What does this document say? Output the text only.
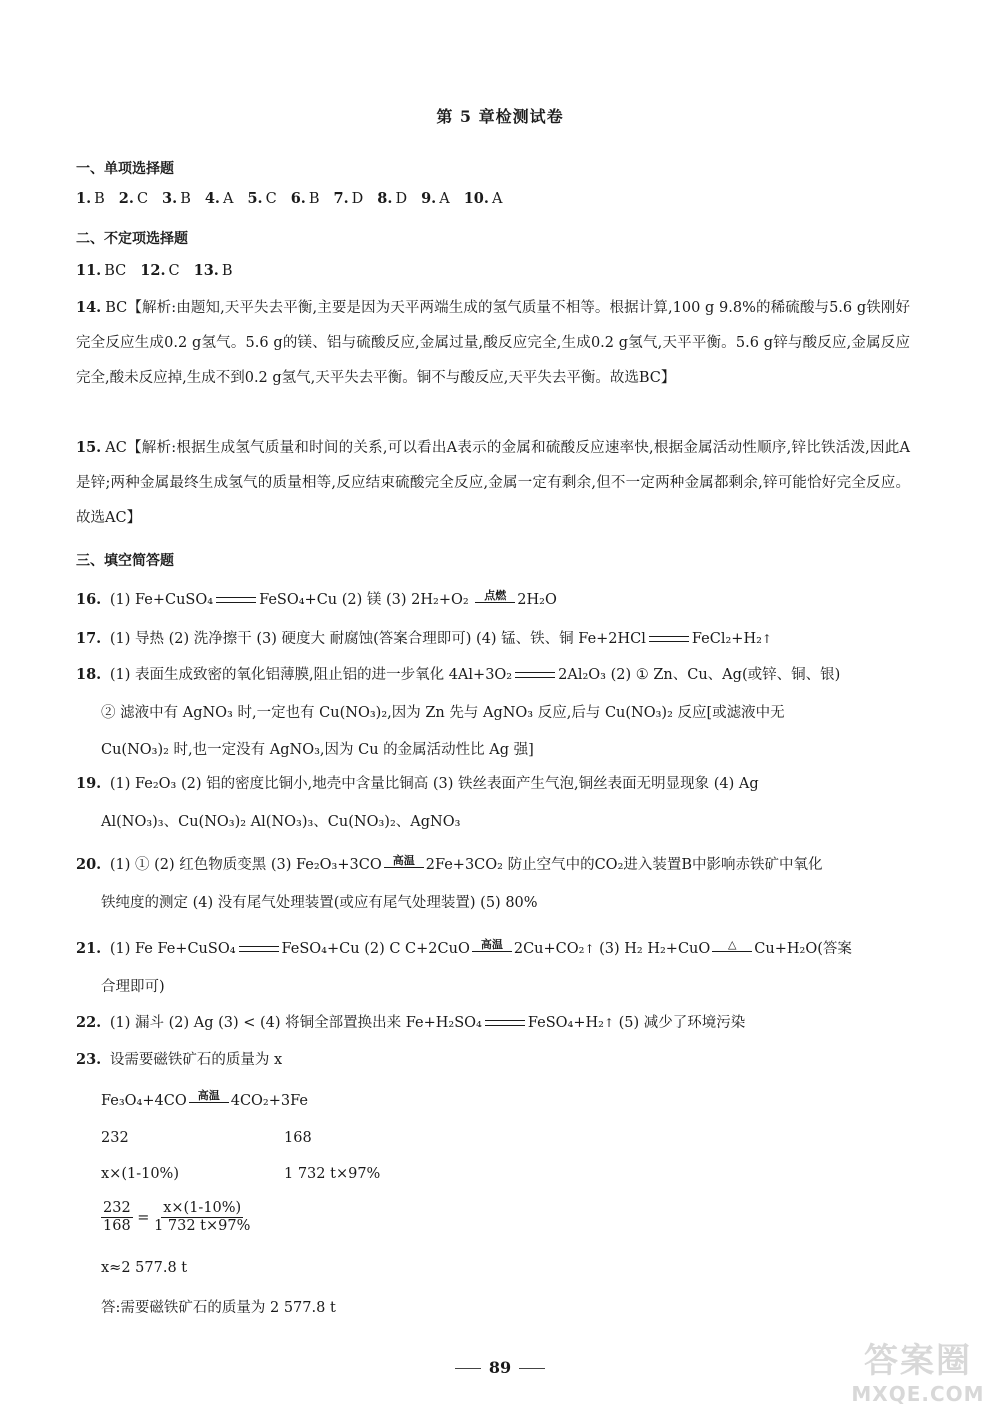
第 5 章检测试卷
一、单项选择题
1. B 2. C 3. B 4. A 5. C 6. B 7. D 8. D 9. A 10. A
二、不定项选择题
11. BC 12. C 13. B
14. BC【解析:由题知,天平失去平衡,主要是因为天平两端生成的氢气质量不相等。根据计算,100 g 9.8%的稀硫酸与5.6 g铁刚好完全反应生成0.2 g氢气。5.6 g的镁、铝与硫酸反应,金属过量,酸反应完全,生成0.2 g氢气,天平平衡。5.6 g锌与酸反应,金属反应完全,酸未反应掉,生成不到0.2 g氢气,天平失去平衡。铜不与酸反应,天平失去平衡。故选BC】
15. AC【解析:根据生成氢气质量和时间的关系,可以看出A表示的金属和硫酸反应速率快,根据金属活动性顺序,锌比铁活泼,因此A是锌;两种金属最终生成氢气的质量相等,反应结束硫酸完全反应,金属一定有剩余,但不一定两种金属都剩余,锌可能恰好完全反应。故选AC】
三、填空简答题
16. (1) Fe+CuSO₄	FeSO₄+Cu (2) 镁 (3) 2H₂+O₂ 点燃 2H₂O
17. (1) 导热 (2) 洗净擦干 (3) 硬度大 耐腐蚀(答案合理即可) (4) 锰、铁、铜 Fe+2HCl	FeCl₂+H₂↑
18. (1) 表面生成致密的氧化铝薄膜,阻止铝的进一步氧化 4Al+3O₂	2Al₂O₃ (2) ① Zn、Cu、Ag(或锌、铜、银)
② 滤液中有 AgNO₃ 时,一定也有 Cu(NO₃)₂,因为 Zn 先与 AgNO₃ 反应,后与 Cu(NO₃)₂ 反应[或滤液中无
Cu(NO₃)₂ 时,也一定没有 AgNO₃,因为 Cu 的金属活动性比 Ag 强]
19. (1) Fe₂O₃ (2) 铝的密度比铜小,地壳中含量比铜高 (3) 铁丝表面产生气泡,铜丝表面无明显现象 (4) Ag
Al(NO₃)₃、Cu(NO₃)₂ Al(NO₃)₃、Cu(NO₃)₂、AgNO₃
20. (1) ① (2) 红色物质变黑 (3) Fe₂O₃+3CO 高温 2Fe+3CO₂ 防止空气中的CO₂进入装置B中影响赤铁矿中氧化
铁纯度的测定 (4) 没有尾气处理装置(或应有尾气处理装置) (5) 80%
21. (1) Fe Fe+CuSO₄	FeSO₄+Cu (2) C C+2CuO 高温 2Cu+CO₂↑ (3) H₂ H₂+CuO △ Cu+H₂O(答案
合理即可)
22. (1) 漏斗 (2) Ag (3) < (4) 将铜全部置换出来 Fe+H₂SO₄	FeSO₄+H₂↑ (5) 减少了环境污染
23. 设需要磁铁矿石的质量为 x
Fe₃O₄+4CO 高温 4CO₂+3Fe
232	168
x×(1-10%)	1 732 t×97%
$\frac{232}{168} = \frac{x\times(1-10\%)}{1 732 t\times 97\%}$
x≈2 577.8 t
答:需要磁铁矿石的质量为 2 577.8 t
89	答案圈
MXQE.COM
